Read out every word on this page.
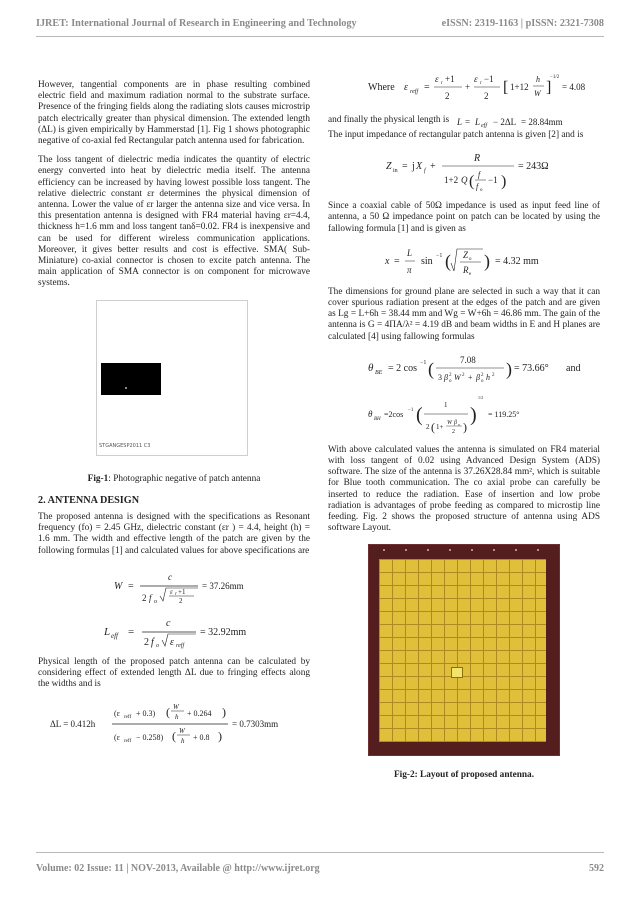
IJRET: International Journal of Research in Engineering and Technology	eISSN: 2319-1163 | pISSN: 2321-7308

However, tangential components are in phase resulting combined electric field and maximum radiation normal to the substrate surface. Presence of the fringing fields along the radiating slots causes microstrip patch electrically greater than physical dimension. The extended length (ΔL) is given empirically by Hammerstad [1]. Fig 1 shows photographic negative of co-axial fed Rectangular patch antenna used for fabrication.

The loss tangent of dielectric media indicates the quantity of electric energy converted into heat by dielectric media itself. The antenna efficiency can be increased by having lowest possible loss tangent. The relative dielectric constant εr determines the physical dimension of antenna. Lower the value of εr larger the antenna size and vice versa. In this presentation antenna is designed with FR4 material having εr=4.4, thickness h=1.6 mm and loss tangent tanδ=0.02. FR4 is inexpensive and can be used for different wireless communication applications. Moreover, it gives better results and cost is effective. SMA( Sub-Miniature) co-axial connector is chosen to excite patch antenna. The main application of SMA connector is on component for microwave systems.

STGANGESP2011 C3
Fig-1: Photographic negative of patch antenna
2. ANTENNA DESIGN

The proposed antenna is designed with the specifications as Resonant frequency (fo) = 2.45 GHz, dielectric constant (εr ) = 4.4, height (h) = 1.6 mm. The width and effective length of the patch are given by the following formulas [1] and calculated values for above specifications are

W =
c
2 f o
ε r +1
2
= 37.26mm
L eff =
c
2 f o ε reff
= 32.92mm

Physical length of the proposed patch antenna can be calculated by considering effect of extended length ΔL due to fringing effects along the widths and is

ΔL = 0.412h
(ε reff + 0.3) ( W
h + 0.264 )
(ε reff − 0.258) ( W
h + 0.8 )
= 0.7303mm
Where ε reff =
ε r +1
2
+
ε r −1
2 [ 1+12
h
W ]
−1/2
= 4.08
and finally the physical length is L = L eff − 2ΔL = 28.84mm

The input impedance of rectangular patch antenna is given [2] and is

Z in = j X f +
R
1+2 Q ( f
f o
−1 )
= 243Ω

Since a coaxial cable of 50Ω impedance is used as input feed line of antenna, a 50 Ω impedance point on patch can be located by using the fallowing formula [1] and is given as

x =
L
π
sin −1 ( Z o
R e
) = 4.32 mm

The dimensions for ground plane are selected in such a way that it can cover spurious radiation present at the edges of the patch and are given as Lg = L+6h = 38.44 mm and Wg = W+6h = 46.86 mm. The gain of the antenna is G = 4ΠA/λ² = 4.19 dB and beam widths in E and H planes are calculated [4] using fallowing formulas

θ BE = 2 cos −1 (	7.08
3 β 2
o W 2 + β 2
o h 2 ) = 73.66° and
θ
BH
=2cos −1 (	1
2 ( 1+ W β o
2 )
)
1/2
= 119.25°

With above calculated values the antenna is simulated on FR4 material with loss tangent of 0.02 using Advanced Design System (ADS) software. The size of the antenna is 37.26X28.84 mm², which is suitable for Blue tooth communication. The co axial probe can carefully be inserted to reduce the radiation. Ease of insertion and low probe radiation is advantages of probe feeding as compared to microstip line feeding. Fig. 2 shows the proposed structure of antenna using ADS software Layout.

Fig-2: Layout of proposed antenna.
Volume: 02 Issue: 11 | NOV-2013, Available @ http://www.ijret.org	592
